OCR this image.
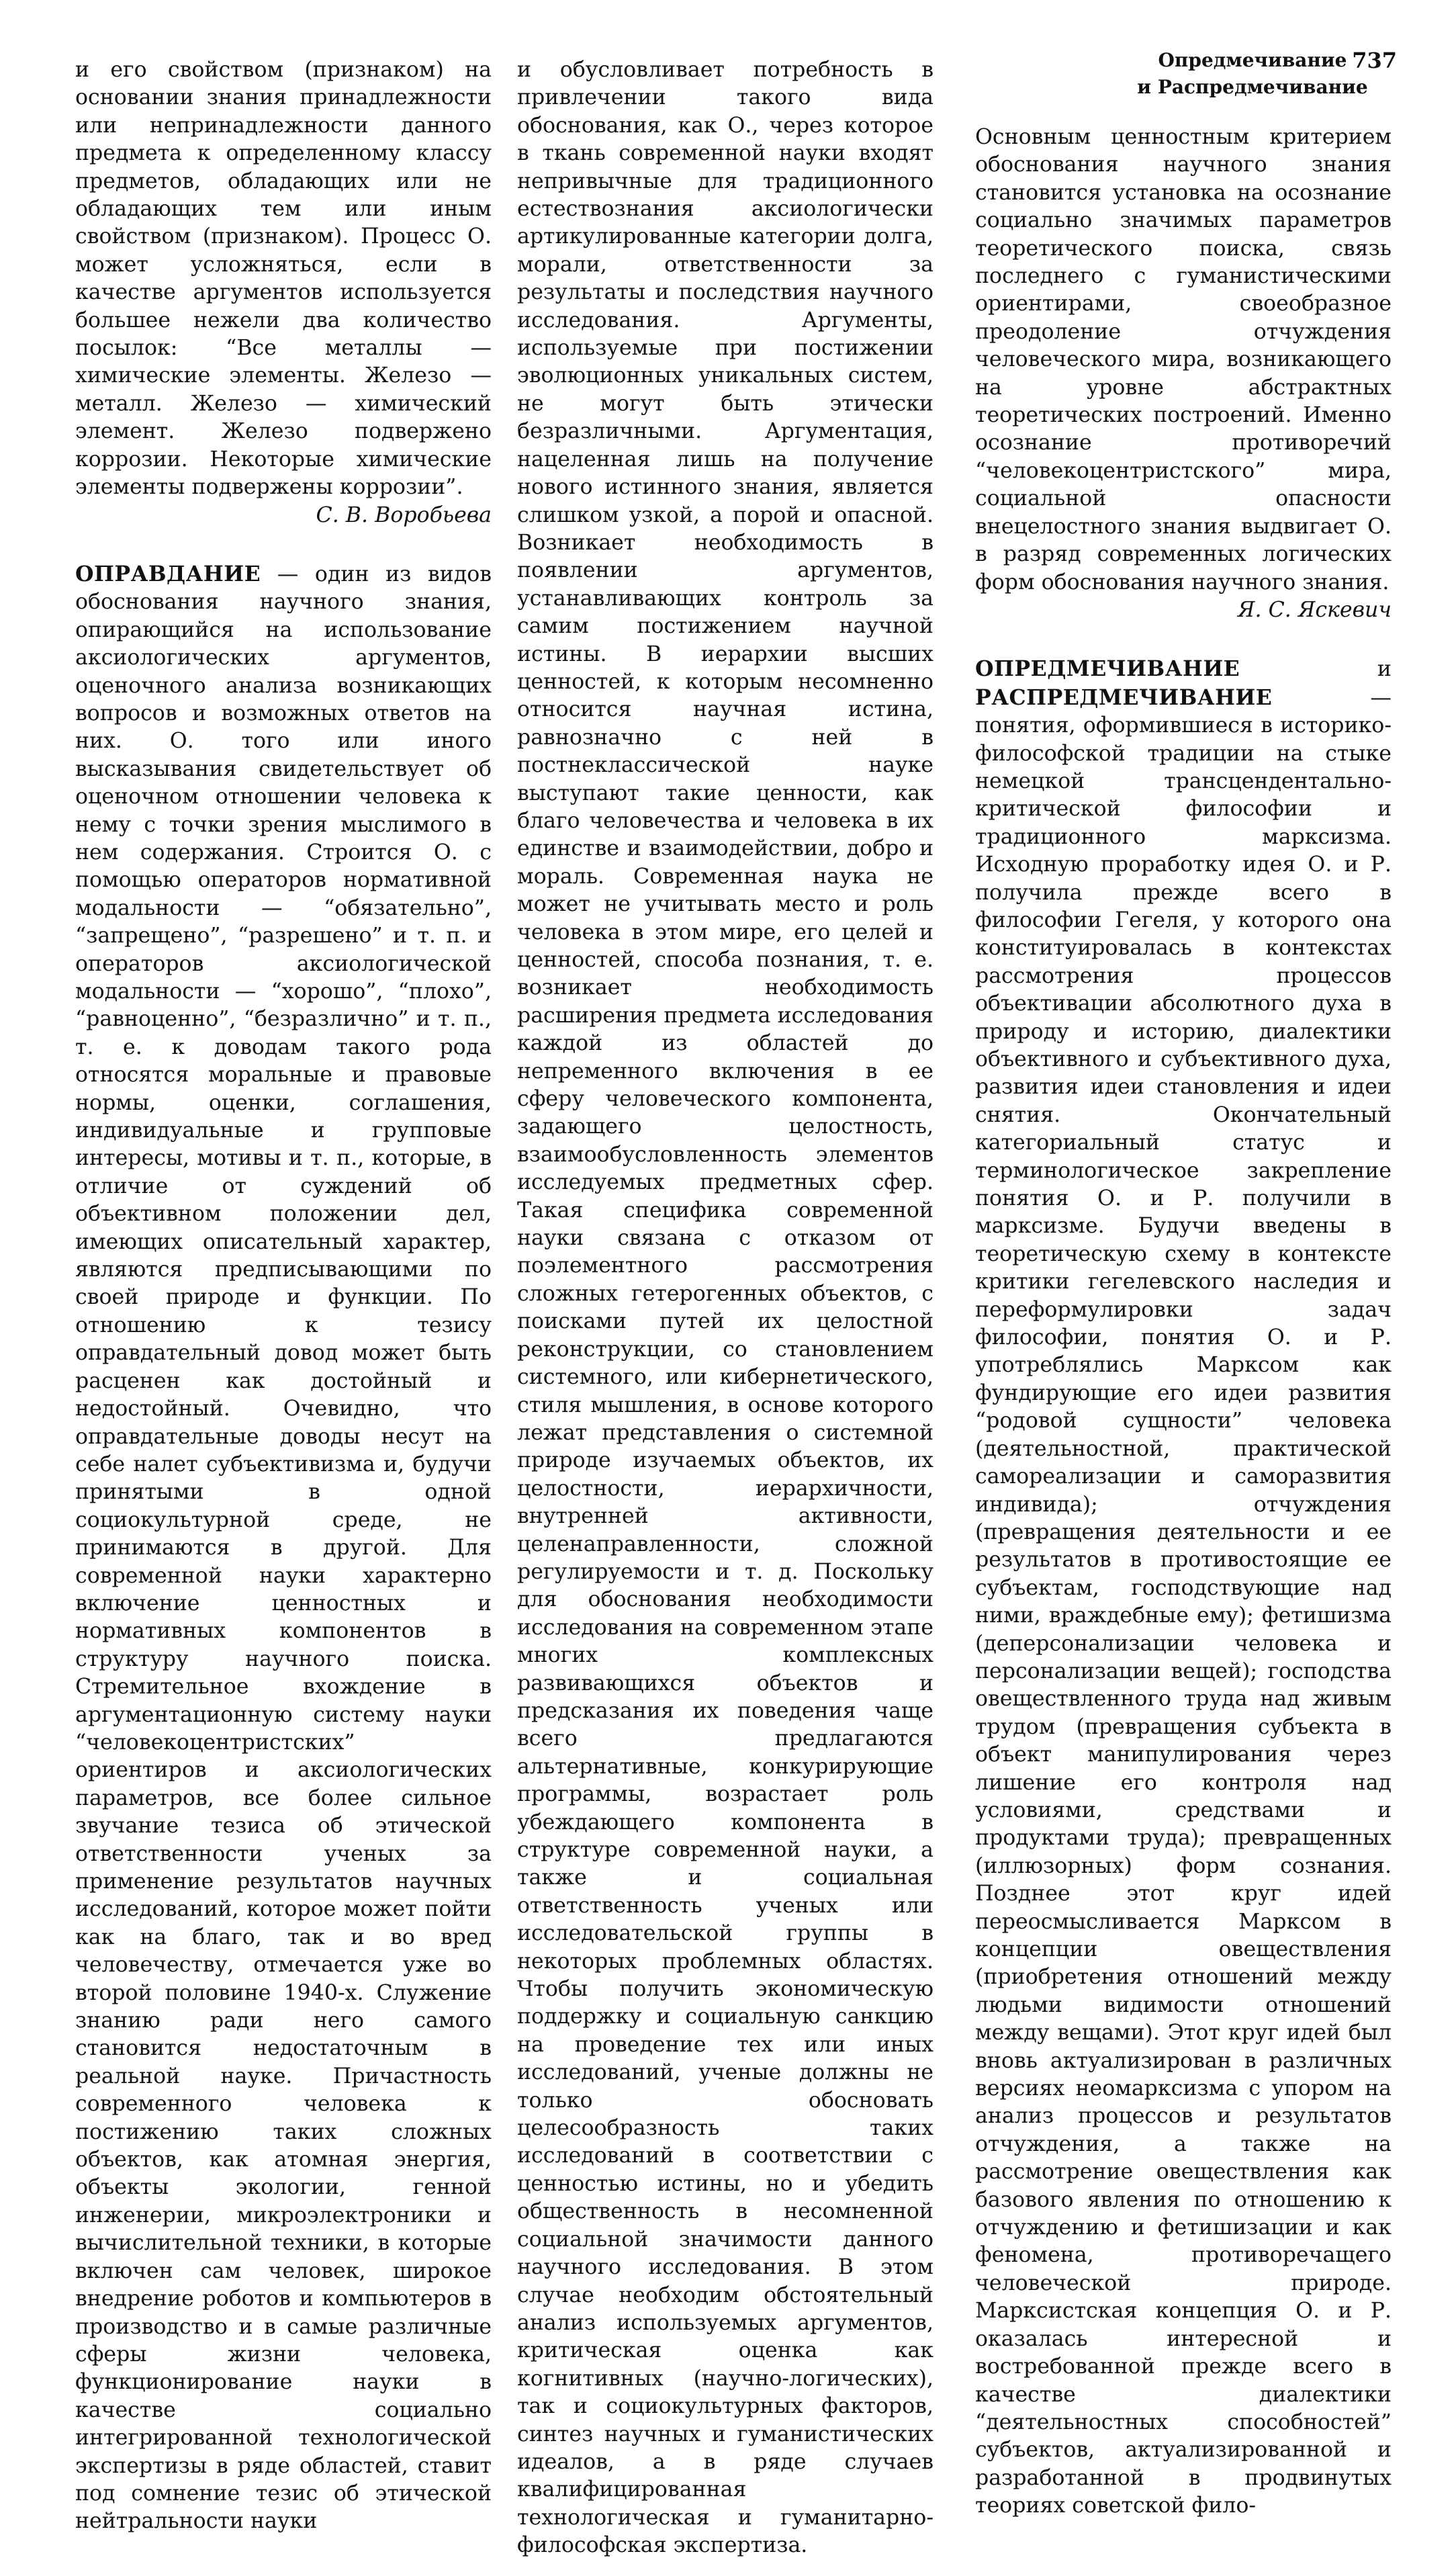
Опредмечивание
и Распредмечивание
737

и его свойством (признаком) на основании знания принадлежности или непринадлежности данного предмета к определенному классу предметов, обладающих или не обладающих тем или иным свойством (признаком). Процесс О. может усложняться, если в качестве аргументов используется большее нежели два количество посылок: “Все металлы — химические элементы. Железо — металл. Железо — химический элемент. Железо подвержено коррозии. Некоторые химические элементы подвержены коррозии”.

С. В. Воробьева

ОПРАВДАНИЕ — один из видов обоснования научного знания, опирающийся на использование аксиологических аргументов, оценочного анализа возникающих вопросов и возможных ответов на них. О. того или иного высказывания свидетельствует об оценочном отношении человека к нему с точки зрения мыслимого в нем содержания. Строится О. с помощью операторов нормативной модальности — “обязательно”, “запрещено”, “разрешено” и т. п. и операторов аксиологической модальности — “хорошо”, “плохо”, “равноценно”, “безразлично” и т. п., т. е. к доводам такого рода относятся моральные и правовые нормы, оценки, соглашения, индивидуальные и групповые интересы, мотивы и т. п., которые, в отличие от суждений об объективном положении дел, имеющих описательный характер, являются предписывающими по своей природе и функции. По отношению к тезису оправдательный довод может быть расценен как достойный и недостойный. Очевидно, что оправдательные доводы несут на себе налет субъективизма и, будучи принятыми в одной социокультурной среде, не принимаются в другой. Для современной науки характерно включение ценностных и нормативных компонентов в структуру научного поиска. Стремительное вхождение в аргументационную систему науки “человекоцентристских” ориентиров и аксиологических параметров, все более сильное звучание тезиса об этической ответственности ученых за применение результатов научных исследований, которое может пойти как на благо, так и во вред человечеству, отмечается уже во второй половине 1940-х. Служение знанию ради него самого становится недостаточным в реальной науке. Причастность современного человека к постижению таких сложных объектов, как атомная энергия, объекты экологии, генной инженерии, микроэлектроники и вычислительной техники, в которые включен сам человек, широкое внедрение роботов и компьютеров в производство и в самые различные сферы жизни человека, функционирование науки в качестве социально интегрированной технологической экспертизы в ряде областей, ставит под сомнение тезис об этической нейтральности науки

и обусловливает потребность в привлечении такого вида обоснования, как О., через которое в ткань современной науки входят непривычные для традиционного естествознания аксиологически артикулированные категории долга, морали, ответственности за результаты и последствия научного исследования. Аргументы, используемые при постижении эволюционных уникальных систем, не могут быть этически безразличными. Аргументация, нацеленная лишь на получение нового истинного знания, является слишком узкой, а порой и опасной. Возникает необходимость в появлении аргументов, устанавливающих контроль за самим постижением научной истины. В иерархии высших ценностей, к которым несомненно относится научная истина, равнозначно с ней в постнеклассической науке выступают такие ценности, как благо человечества и человека в их единстве и взаимодействии, добро и мораль. Современная наука не может не учитывать место и роль человека в этом мире, его целей и ценностей, способа познания, т. е. возникает необходимость расширения предмета исследования каждой из областей до непременного включения в ее сферу человеческого компонента, задающего целостность, взаимообусловленность элементов исследуемых предметных сфер. Такая специфика современной науки связана с отказом от поэлементного рассмотрения сложных гетерогенных объектов, с поисками путей их целостной реконструкции, со становлением системного, или кибернетического, стиля мышления, в основе которого лежат представления о системной природе изучаемых объектов, их целостности, иерархичности, внутренней активности, целенаправленности, сложной регулируемости и т. д. Поскольку для обоснования необходимости исследования на современном этапе многих комплексных развивающихся объектов и предсказания их поведения чаще всего предлагаются альтернативные, конкурирующие программы, возрастает роль убеждающего компонента в структуре современной науки, а также и социальная ответственность ученых или исследовательской группы в некоторых проблемных областях. Чтобы получить экономическую поддержку и социальную санкцию на проведение тех или иных исследований, ученые должны не только обосновать целесообразность таких исследований в соответствии с ценностью истины, но и убедить общественность в несомненной социальной значимости данного научного исследования. В этом случае необходим обстоятельный анализ используемых аргументов, критическая оценка как когнитивных (научно-логических), так и социокультурных факторов, синтез научных и гуманистических идеалов, а в ряде случаев квалифицированная технологическая и гуманитарно-философская экспертиза.

Основным ценностным критерием обоснования научного знания становится установка на осознание социально значимых параметров теоретического поиска, связь последнего с гуманистическими ориентирами, своеобразное преодоление отчуждения человеческого мира, возникающего на уровне абстрактных теоретических построений. Именно осознание противоречий “человекоцентристского” мира, социальной опасности внецелостного знания выдвигает О. в разряд современных логических форм обоснования научного знания.

Я. С. Яскевич

ОПРЕДМЕЧИВАНИЕ и РАСПРЕДМЕЧИВАНИЕ — понятия, оформившиеся в историко-философской традиции на стыке немецкой трансцендентально-критической философии и традиционного марксизма. Исходную проработку идея О. и Р. получила прежде всего в философии Гегеля, у которого она конституировалась в контекстах рассмотрения процессов объективации абсолютного духа в природу и историю, диалектики объективного и субъективного духа, развития идеи становления и идеи снятия. Окончательный категориальный статус и терминологическое закрепление понятия О. и Р. получили в марксизме. Будучи введены в теоретическую схему в контексте критики гегелевского наследия и переформулировки задач философии, понятия О. и Р. употреблялись Марксом как фундирующие его идеи развития “родовой сущности” человека (деятельностной, практической самореализации и саморазвития индивида); отчуждения (превращения деятельности и ее результатов в противостоящие ее субъектам, господствующие над ними, враждебные ему); фетишизма (деперсонализации человека и персонализации вещей); господства овеществленного труда над живым трудом (превращения субъекта в объект манипулирования через лишение его контроля над условиями, средствами и продуктами труда); превращенных (иллюзорных) форм сознания. Позднее этот круг идей переосмысливается Марксом в концепции овеществления (приобретения отношений между людьми видимости отношений между вещами). Этот круг идей был вновь актуализирован в различных версиях неомарксизма с упором на анализ процессов и результатов отчуждения, а также на рассмотрение овеществления как базового явления по отношению к отчуждению и фетишизации и как феномена, противоречащего человеческой природе. Марксистская концепция О. и Р. оказалась интересной и востребованной прежде всего в качестве диалектики “деятельностных способностей” субъектов, актуализированной и разработанной в продвинутых теориях советской фило-
